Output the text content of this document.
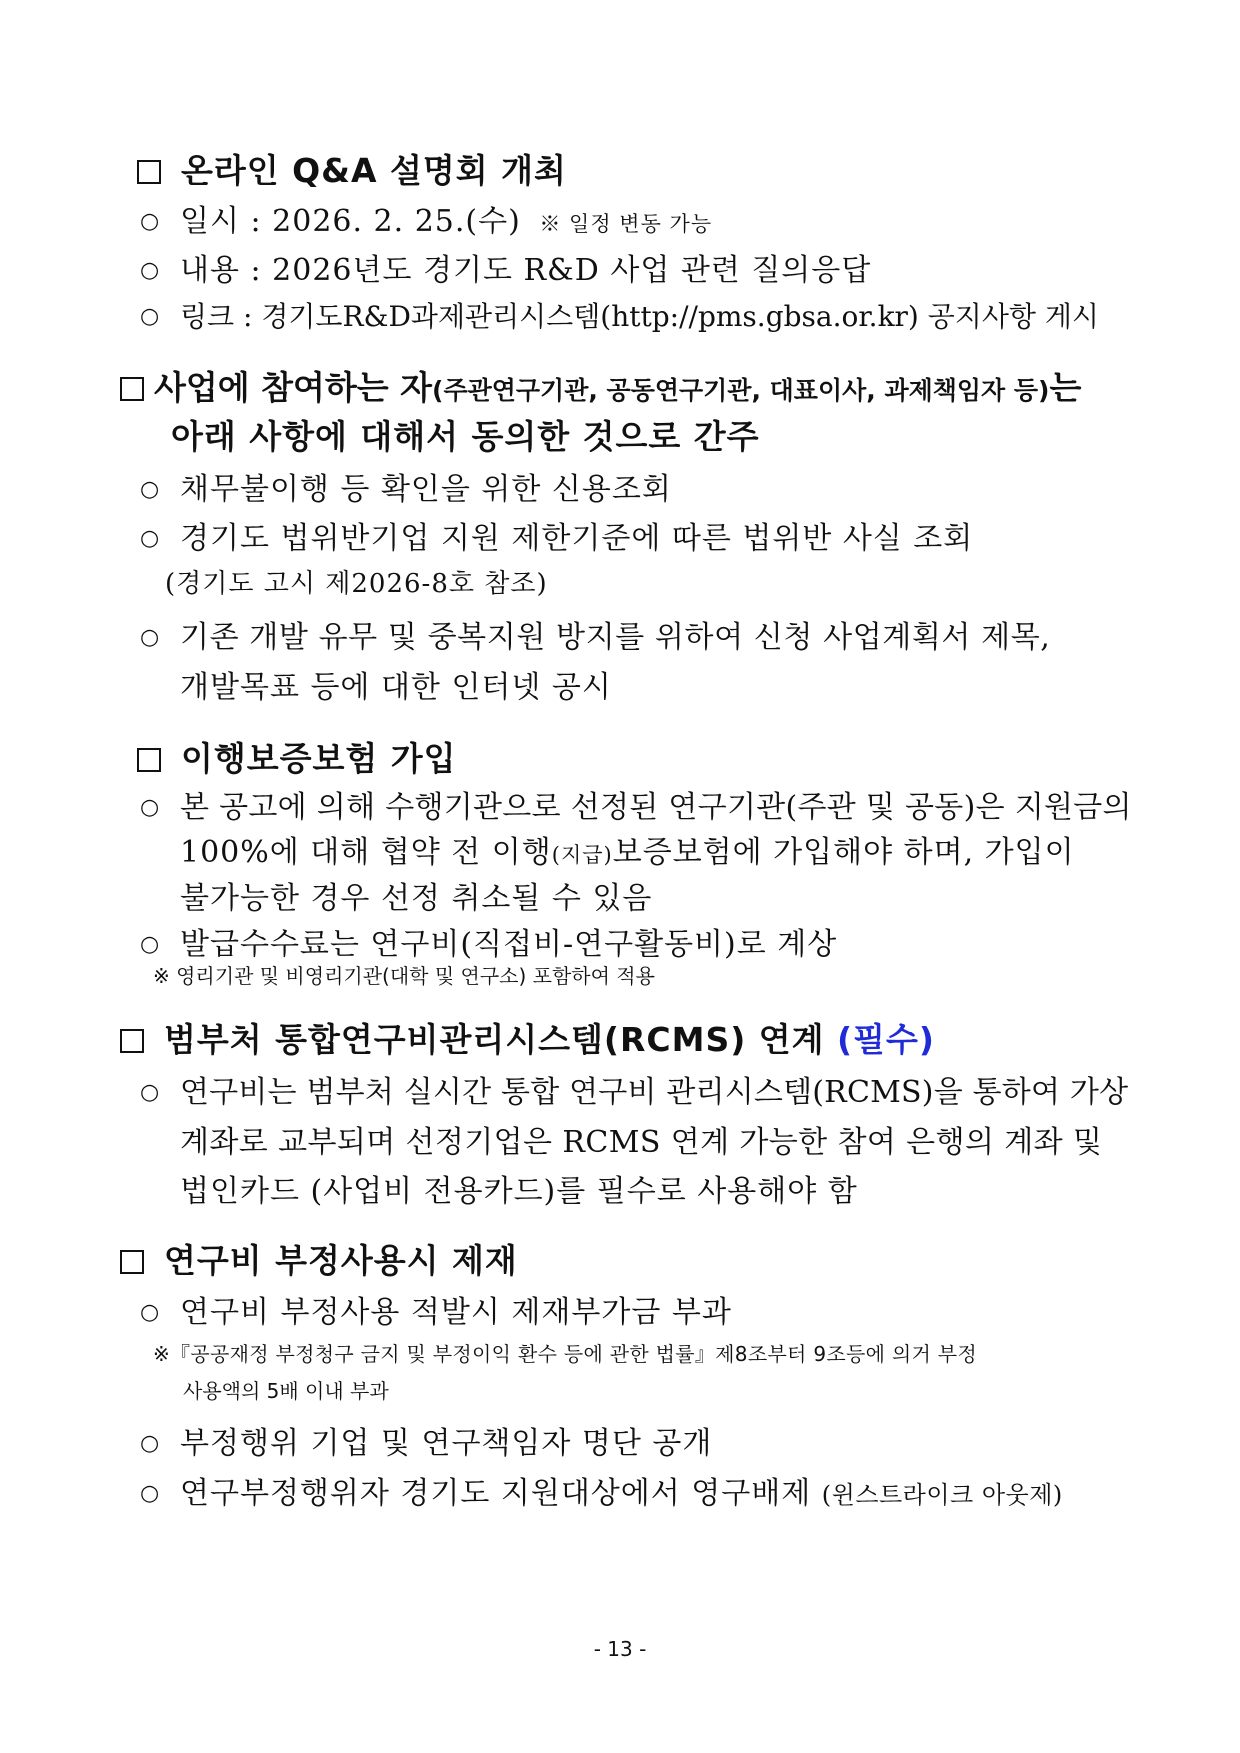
온라인 Q&A 설명회 개최
○ 일시 : 2026. 2. 25.(수) ※ 일정 변동 가능
○ 내용 : 2026년도 경기도 R&D 사업 관련 질의응답
○ 링크 : 경기도R&D과제관리시스템(http://pms.gbsa.or.kr) 공지사항 게시
사업에 참여하는 자(주관연구기관, 공동연구기관, 대표이사, 과제책임자 등)는
아래 사항에 대해서 동의한 것으로 간주
○ 채무불이행 등 확인을 위한 신용조회
○ 경기도 법위반기업 지원 제한기준에 따른 법위반 사실 조회
(경기도 고시 제2026-8호 참조)
○ 기존 개발 유무 및 중복지원 방지를 위하여 신청 사업계획서 제목,
개발목표 등에 대한 인터넷 공시
이행보증보험 가입
○ 본 공고에 의해 수행기관으로 선정된 연구기관(주관 및 공동)은 지원금의
100%에 대해 협약 전 이행(지급)보증보험에 가입해야 하며, 가입이
불가능한 경우 선정 취소될 수 있음
○ 발급수수료는 연구비(직접비-연구활동비)로 계상
※ 영리기관 및 비영리기관(대학 및 연구소) 포함하여 적용
범부처 통합연구비관리시스템(RCMS) 연계 (필수)
○ 연구비는 범부처 실시간 통합 연구비 관리시스템(RCMS)을 통하여 가상
계좌로 교부되며 선정기업은 RCMS 연계 가능한 참여 은행의 계좌 및
법인카드 (사업비 전용카드)를 필수로 사용해야 함
연구비 부정사용시 제재
○ 연구비 부정사용 적발시 제재부가금 부과
※『공공재정 부정청구 금지 및 부정이익 환수 등에 관한 법률』제8조부터 9조등에 의거 부정
사용액의 5배 이내 부과
○ 부정행위 기업 및 연구책임자 명단 공개
○ 연구부정행위자 경기도 지원대상에서 영구배제 (윈스트라이크 아웃제)
- 13 -
